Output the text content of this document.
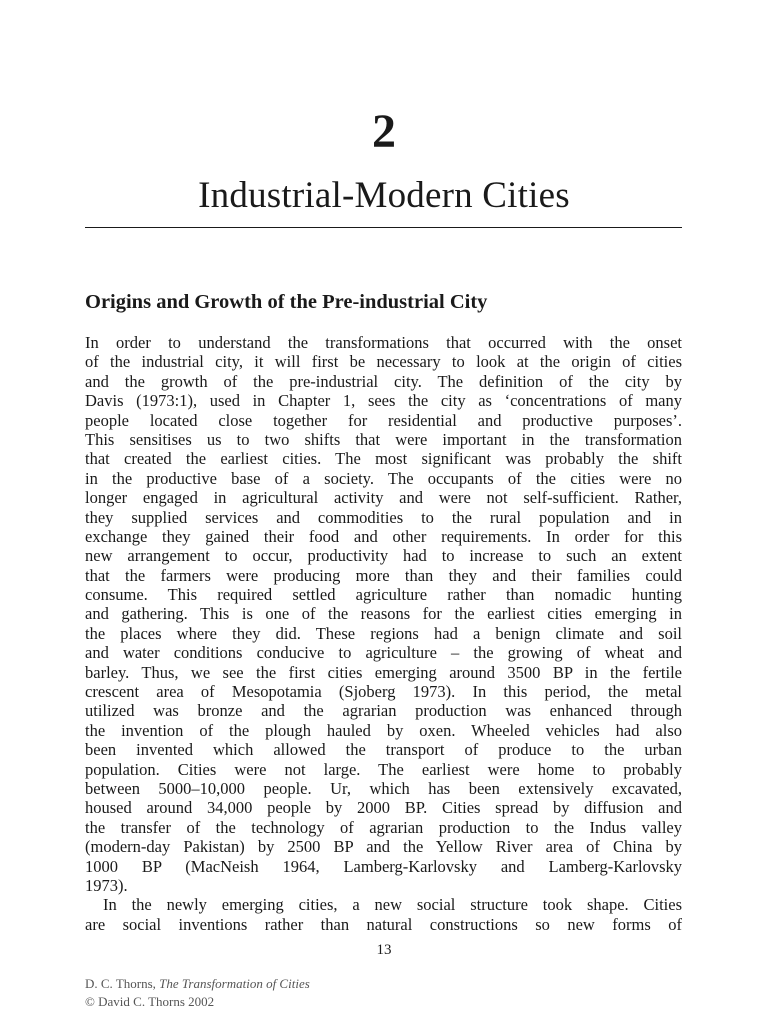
2
Industrial-Modern Cities
Origins and Growth of the Pre-industrial City
In order to understand the transformations that occurred with the onset
of the industrial city, it will first be necessary to look at the origin of cities
and the growth of the pre-industrial city. The definition of the city by
Davis (1973:1), used in Chapter 1, sees the city as ‘concentrations of many
people located close together for residential and productive purposes’.
This sensitises us to two shifts that were important in the transformation
that created the earliest cities. The most significant was probably the shift
in the productive base of a society. The occupants of the cities were no
longer engaged in agricultural activity and were not self-sufficient. Rather,
they supplied services and commodities to the rural population and in
exchange they gained their food and other requirements. In order for this
new arrangement to occur, productivity had to increase to such an extent
that the farmers were producing more than they and their families could
consume. This required settled agriculture rather than nomadic hunting
and gathering. This is one of the reasons for the earliest cities emerging in
the places where they did. These regions had a benign climate and soil
and water conditions conducive to agriculture – the growing of wheat and
barley. Thus, we see the first cities emerging around 3500 BP in the fertile
crescent area of Mesopotamia (Sjoberg 1973). In this period, the metal
utilized was bronze and the agrarian production was enhanced through
the invention of the plough hauled by oxen. Wheeled vehicles had also
been invented which allowed the transport of produce to the urban
population. Cities were not large. The earliest were home to probably
between 5000–10,000 people. Ur, which has been extensively excavated,
housed around 34,000 people by 2000 BP. Cities spread by diffusion and
the transfer of the technology of agrarian production to the Indus valley
(modern-day Pakistan) by 2500 BP and the Yellow River area of China by
1000 BP (MacNeish 1964, Lamberg-Karlovsky and Lamberg-Karlovsky
1973).
In the newly emerging cities, a new social structure took shape. Cities
are social inventions rather than natural constructions so new forms of
13
D. C. Thorns, The Transformation of Cities
© David C. Thorns 2002
